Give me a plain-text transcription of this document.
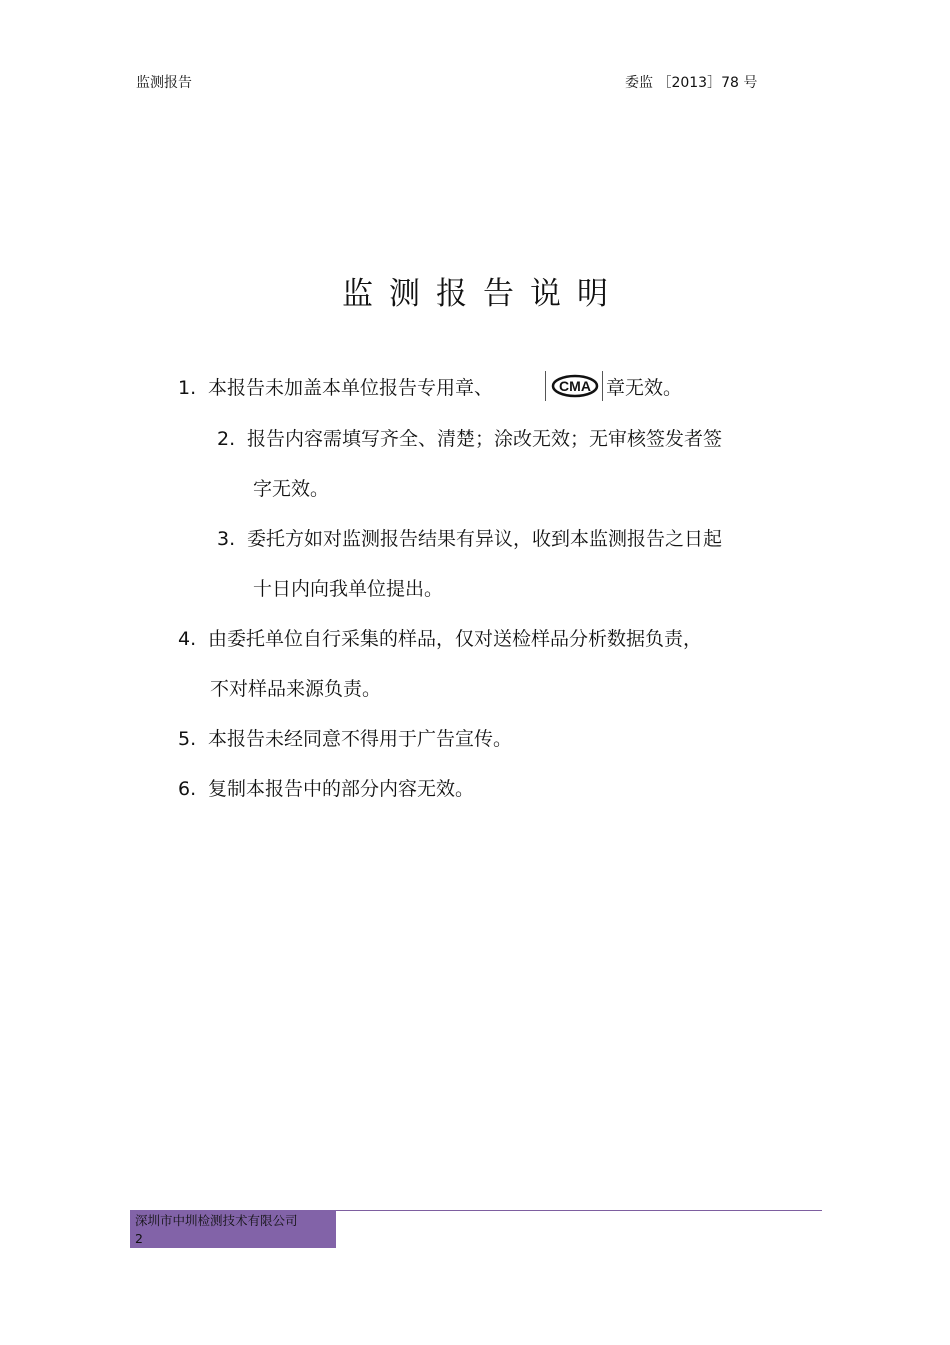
监测报告	委监 ［2013］78 号
监测报告说明
1. 本报告未加盖本单位报告专用章、	CMA 章无效。
2. 报告内容需填写齐全、清楚；涂改无效；无审核签发者签
字无效。
3. 委托方如对监测报告结果有异议，收到本监测报告之日起
十日内向我单位提出。
4. 由委托单位自行采集的样品，仅对送检样品分析数据负责，
不对样品来源负责。
5. 本报告未经同意不得用于广告宣传。
6. 复制本报告中的部分内容无效。
深圳市中圳检测技术有限公司
2
